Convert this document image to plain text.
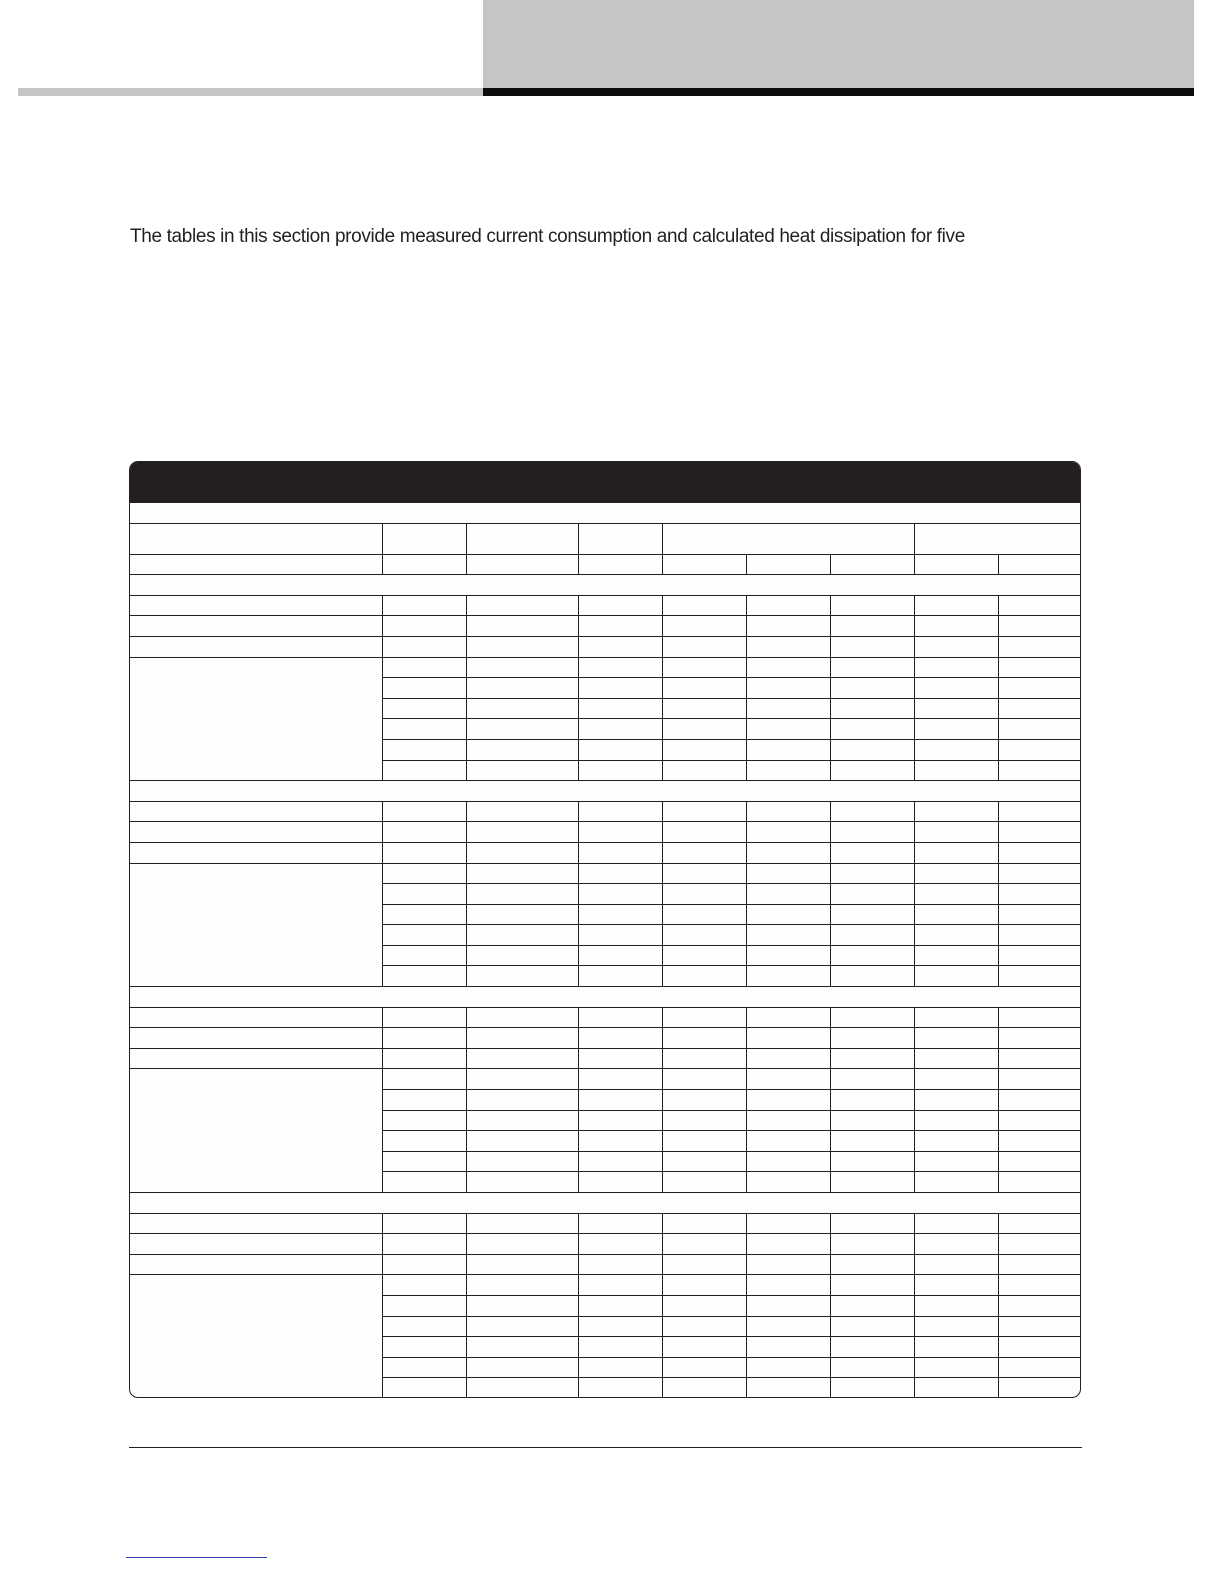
The tables in this section provide measured current consumption and calculated heat dissipation for five
